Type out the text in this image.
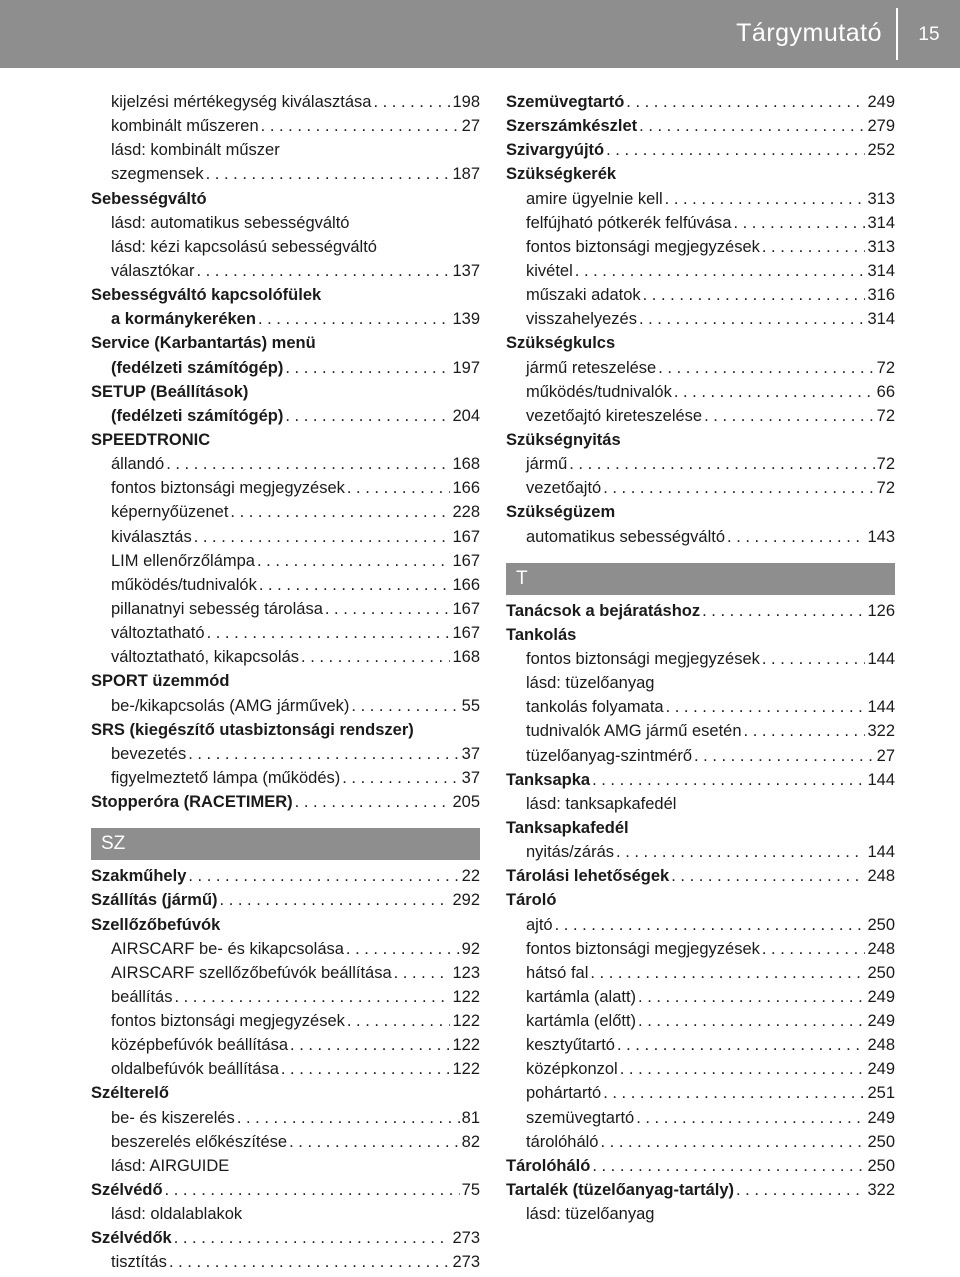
Tárgymutató	15
kijelzési mértékegység kiválasztása . . .	198
kombinált műszeren . . .	27
lásd: kombinált műszer
szegmensek . . .	187
Sebességváltó
lásd: automatikus sebességváltó
lásd: kézi kapcsolású sebességváltó
választókar . . .	137
Sebességváltó kapcsolófülek
a kormánykeréken . . .	139
Service (Karbantartás) menü
(fedélzeti számítógép) . . .	197
SETUP (Beállítások)
(fedélzeti számítógép) . . .	204
SPEEDTRONIC
állandó . . .	168
fontos biztonsági megjegyzések . . .	166
képernyőüzenet . . .	228
kiválasztás . . .	167
LIM ellenőrzőlámpa . . .	167
működés/tudnivalók . . .	166
pillanatnyi sebesség tárolása . . .	167
változtatható . . .	167
változtatható, kikapcsolás . . .	168
SPORT üzemmód
be-/kikapcsolás (AMG járművek) . . .	55
SRS (kiegészítő utasbiztonsági rendszer)
bevezetés . . .	37
figyelmeztető lámpa (működés) . . .	37
Stopperóra (RACETIMER) . . .	205
SZ
Szakműhely . . .	22
Szállítás (jármű) . . .	292
Szellőzőbefúvók
AIRSCARF be- és kikapcsolása . . .	92
AIRSCARF szellőzőbefúvók beállítása . . .	123
beállítás . . .	122
fontos biztonsági megjegyzések . . .	122
középbefúvók beállítása . . .	122
oldalbefúvók beállítása . . .	122
Szélterelő
be- és kiszerelés . . .	81
beszerelés előkészítése . . .	82
lásd: AIRGUIDE
Szélvédő . . .	75
lásd: oldalablakok
Szélvédők . . .	273
tisztítás . . .	273
Szemüvegtartó . . .	249
Szerszámkészlet . . .	279
Szivargyújtó . . .	252
Szükségkerék
amire ügyelnie kell . . .	313
felfújható pótkerék felfúvása . . .	314
fontos biztonsági megjegyzések . . .	313
kivétel . . .	314
műszaki adatok . . .	316
visszahelyezés . . .	314
Szükségkulcs
jármű reteszelése . . .	72
működés/tudnivalók . . .	66
vezetőajtó kireteszelése . . .	72
Szükségnyitás
jármű . . .	72
vezetőajtó . . .	72
Szükségüzem
automatikus sebességváltó . . .	143
T
Tanácsok a bejáratáshoz . . .	126
Tankolás
fontos biztonsági megjegyzések . . .	144
lásd: tüzelőanyag
tankolás folyamata . . .	144
tudnivalók AMG jármű esetén . . .	322
tüzelőanyag-szintmérő . . .	27
Tanksapka . . .	144
lásd: tanksapkafedél
Tanksapkafedél
nyitás/zárás . . .	144
Tárolási lehetőségek . . .	248
Tároló
ajtó . . .	250
fontos biztonsági megjegyzések . . .	248
hátsó fal . . .	250
kartámla (alatt) . . .	249
kartámla (előtt) . . .	249
kesztyűtartó . . .	248
középkonzol . . .	249
pohártartó . . .	251
szemüvegtartó . . .	249
tárolóháló . . .	250
Tárolóháló . . .	250
Tartalék (tüzelőanyag-tartály) . . .	322
lásd: tüzelőanyag
